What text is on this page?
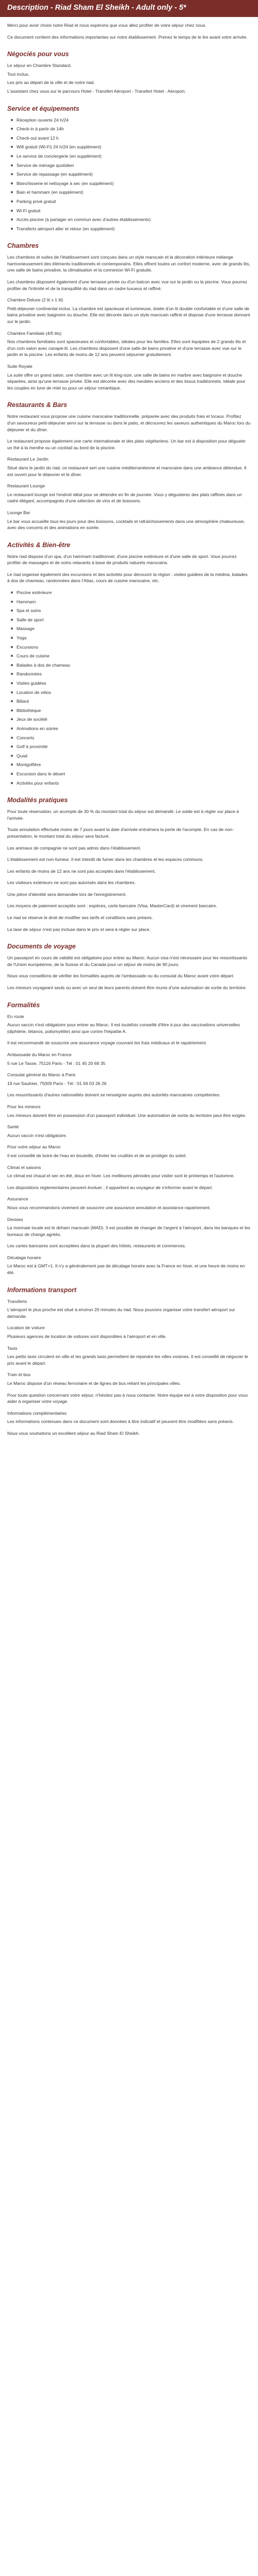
Description - Riad Sham El Sheikh - Adult only - 5*

Merci pour avoir choisi notre Riad et nous espérons que vous allez profiter de votre séjour chez nous.

Ce document contient des informations importantes sur notre établissement. Prenez le temps de le lire avant votre arrivée.

Négociés pour vous

Le séjour en Chambre Standard.

Tout inclus.

Les prix au départ de la ville et de notre riad.

L'assistant chez vous sur le parcours Hotel - Transfert Aéroport - Transfert Hotel - Aéroport.

Service et équipements
Réception ouverte 24 h/24
Check-in à partir de 14h
Check-out avant 12 h
Wifi gratuit (Wi-Fi) 24 h/24 (en supplément)
Le service de conciergerie (en supplément)
Service de ménage quotidien
Service de repassage (en supplément)
Blanchisserie et nettoyage à sec (en supplément)
Bain et hammam (en supplément)
Parking privé gratuit
Wi-Fi gratuit
Accès piscine (à partager en commun avec d'autres établissements)
Transferts aéroport aller et retour (en supplément)
Chambres

Les chambres et suites de l'établissement sont conçues dans un style marocain et la décoration intérieure mélange harmonieusement des éléments traditionnels et contemporains. Elles offrent toutes un confort moderne, avec de grands lits, une salle de bains privative, la climatisation et la connexion Wi-Fi gratuite.

Les chambres disposent également d'une terrasse privée ou d'un balcon avec vue sur le jardin ou la piscine. Vous pourrez profiter de l'intimité et de la tranquillité du riad dans un cadre luxueux et raffiné.

Chambre Deluxe (2 lit x 1 lit)

Petit-déjeuner continental inclus. La chambre est spacieuse et lumineuse, dotée d'un lit double confortable et d'une salle de bains privative avec baignoire ou douche. Elle est décorée dans un style marocain raffiné et dispose d'une terrasse donnant sur le jardin.

Chambre Familiale (4/5 lits)

Nos chambres familiales sont spacieuses et confortables, idéales pour les familles. Elles sont équipées de 2 grands lits et d'un coin salon avec canapé-lit. Les chambres disposent d'une salle de bains privative et d'une terrasse avec vue sur le jardin et la piscine. Les enfants de moins de 12 ans peuvent séjourner gratuitement.

Suite Royale

La suite offre un grand salon, une chambre avec un lit king-size, une salle de bains en marbre avec baignoire et douche séparées, ainsi qu'une terrasse privée. Elle est décorée avec des meubles anciens et des tissus traditionnels. Idéale pour les couples en lune de miel ou pour un séjour romantique.

Restaurants & Bars

Notre restaurant vous propose une cuisine marocaine traditionnelle, préparée avec des produits frais et locaux. Profitez d'un savoureux petit-déjeuner servi sur la terrasse ou dans le patio, et découvrez les saveurs authentiques du Maroc lors du déjeuner et du dîner.

Le restaurant propose également une carte internationale et des plats végétariens. Un bar est à disposition pour déguster un thé à la menthe ou un cocktail au bord de la piscine.

Restaurant Le Jardin

Situé dans le jardin du riad, ce restaurant sert une cuisine méditerranéenne et marocaine dans une ambiance détendue. Il est ouvert pour le déjeuner et le dîner.

Restaurant Lounge

Le restaurant lounge est l'endroit idéal pour se détendre en fin de journée. Vous y dégusterez des plats raffinés dans un cadre élégant, accompagnés d'une sélection de vins et de boissons.

Lounge Bar

Le bar vous accueille tous les jours pour des boissons, cocktails et rafraîchissements dans une atmosphère chaleureuse, avec des concerts et des animations en soirée.

Activités & Bien-être

Notre riad dispose d'un spa, d'un hammam traditionnel, d'une piscine extérieure et d'une salle de sport. Vous pourrez profiter de massages et de soins relaxants à base de produits naturels marocains.

Le riad organise également des excursions et des activités pour découvrir la région : visites guidées de la médina, balades à dos de chameau, randonnées dans l'Atlas, cours de cuisine marocaine, etc.

Piscine extérieure
Hammam
Spa et soins
Salle de sport
Massage
Yoga
Excursions
Cours de cuisine
Balades à dos de chameau
Randonnées
Visites guidées
Location de vélos
Billard
Bibliothèque
Jeux de société
Animations en soirée
Concerts
Golf à proximité
Quad
Montgolfière
Excursion dans le désert
Activités pour enfants
Modalités pratiques

Pour toute réservation, un acompte de 30 % du montant total du séjour est demandé. Le solde est à régler sur place à l'arrivée.

Toute annulation effectuée moins de 7 jours avant la date d'arrivée entraînera la perte de l'acompte. En cas de non-présentation, le montant total du séjour sera facturé.

Les animaux de compagnie ne sont pas admis dans l'établissement.

L'établissement est non-fumeur. Il est interdit de fumer dans les chambres et les espaces communs.

Les enfants de moins de 12 ans ne sont pas acceptés dans l'établissement.

Les visiteurs extérieurs ne sont pas autorisés dans les chambres.

Une pièce d'identité sera demandée lors de l'enregistrement.

Les moyens de paiement acceptés sont : espèces, carte bancaire (Visa, MasterCard) et virement bancaire.

Le riad se réserve le droit de modifier ses tarifs et conditions sans préavis.

La taxe de séjour n'est pas incluse dans le prix et sera à régler sur place.

Documents de voyage

Un passeport en cours de validité est obligatoire pour entrer au Maroc. Aucun visa n'est nécessaire pour les ressortissants de l'Union européenne, de la Suisse et du Canada pour un séjour de moins de 90 jours.

Nous vous conseillons de vérifier les formalités auprès de l'ambassade ou du consulat du Maroc avant votre départ.

Les mineurs voyageant seuls ou avec un seul de leurs parents doivent être munis d'une autorisation de sortie du territoire.

Formalités

En route

Aucun vaccin n'est obligatoire pour entrer au Maroc. Il est toutefois conseillé d'être à jour des vaccinations universelles (diphtérie, tétanos, poliomyélite) ainsi que contre l'hépatite A.

Il est recommandé de souscrire une assurance voyage couvrant les frais médicaux et le rapatriement.

Ambassade du Maroc en France

5 rue Le Tasse, 75116 Paris - Tél : 01 45 20 69 35

Consulat général du Maroc à Paris

19 rue Saulnier, 75009 Paris - Tél : 01 56 03 26 26

Les ressortissants d'autres nationalités doivent se renseigner auprès des autorités marocaines compétentes.

Pour les mineurs

Les mineurs doivent être en possession d'un passeport individuel. Une autorisation de sortie du territoire peut être exigée.

Santé

Aucun vaccin n'est obligatoire.

Pour votre séjour au Maroc

Il est conseillé de boire de l'eau en bouteille, d'éviter les crudités et de se protéger du soleil.

Climat et saisons

Le climat est chaud et sec en été, doux en hiver. Les meilleures périodes pour visiter sont le printemps et l'automne.

Les dispositions réglementaires peuvent évoluer ; il appartient au voyageur de s'informer avant le départ.

Assurance

Nous vous recommandons vivement de souscrire une assurance annulation et assistance rapatriement.

Devises

La monnaie locale est le dirham marocain (MAD). Il est possible de changer de l'argent à l'aéroport, dans les banques et les bureaux de change agréés.

Les cartes bancaires sont acceptées dans la plupart des hôtels, restaurants et commerces.

Décalage horaire

Le Maroc est à GMT+1. Il n'y a généralement pas de décalage horaire avec la France en hiver, et une heure de moins en été.

Informations transport

Transferts

L'aéroport le plus proche est situé à environ 20 minutes du riad. Nous pouvons organiser votre transfert aéroport sur demande.

Location de voiture

Plusieurs agences de location de voitures sont disponibles à l'aéroport et en ville.

Taxis

Les petits taxis circulent en ville et les grands taxis permettent de rejoindre les villes voisines. Il est conseillé de négocier le prix avant le départ.

Train et bus

Le Maroc dispose d'un réseau ferroviaire et de lignes de bus reliant les principales villes.

Pour toute question concernant votre séjour, n'hésitez pas à nous contacter. Notre équipe est à votre disposition pour vous aider à organiser votre voyage.

Informations complémentaires

Les informations contenues dans ce document sont données à titre indicatif et peuvent être modifiées sans préavis.

Nous vous souhaitons un excellent séjour au Riad Sham El Sheikh.
